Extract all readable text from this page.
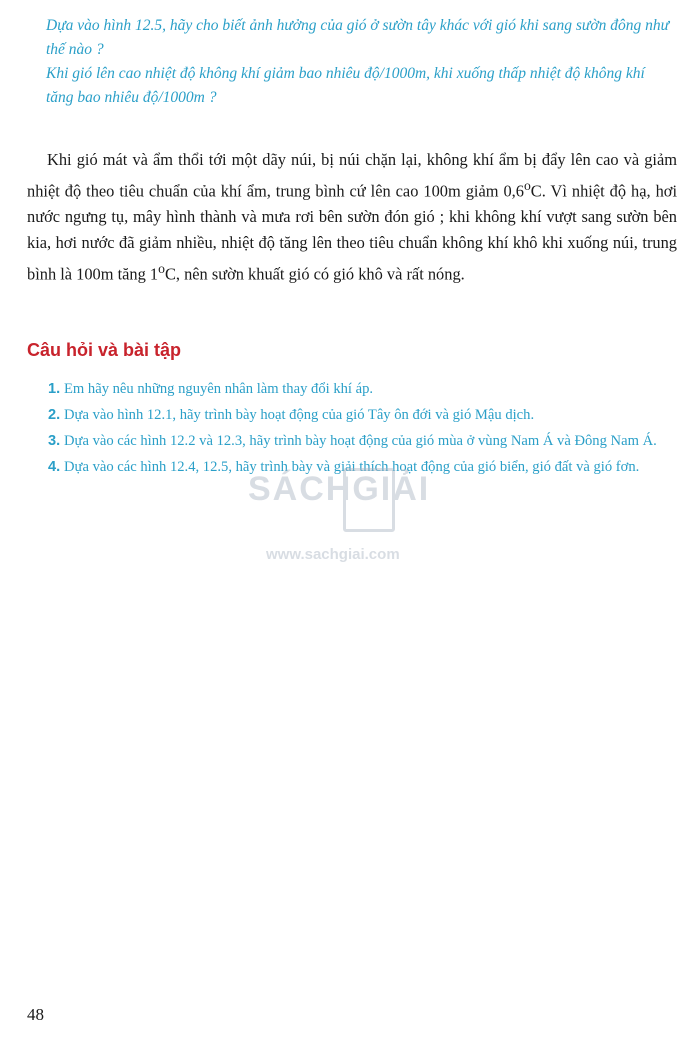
Dựa vào hình 12.5, hãy cho biết ảnh hưởng của gió ở sườn tây khác với gió khi sang sườn đông như thế nào ?

Khi gió lên cao nhiệt độ không khí giảm bao nhiêu độ/1000m, khi xuống thấp nhiệt độ không khí tăng bao nhiêu độ/1000m ?

Khi gió mát và ẩm thổi tới một dãy núi, bị núi chặn lại, không khí ẩm bị đẩy lên cao và giảm nhiệt độ theo tiêu chuẩn của khí ẩm, trung bình cứ lên cao 100m giảm 0,6$^o$C. Vì nhiệt độ hạ, hơi nước ngưng tụ, mây hình thành và mưa rơi bên sườn đón gió ; khi không khí vượt sang sườn bên kia, hơi nước đã giảm nhiều, nhiệt độ tăng lên theo tiêu chuẩn không khí khô khi xuống núi, trung bình là 100m tăng 1$^o$C, nên sườn khuất gió có gió khô và rất nóng.
Câu hỏi và bài tập
1. Em hãy nêu những nguyên nhân làm thay đổi khí áp.
2. Dựa vào hình 12.1, hãy trình bày hoạt động của gió Tây ôn đới và gió Mậu dịch.
3. Dựa vào các hình 12.2 và 12.3, hãy trình bày hoạt động của gió mùa ở vùng Nam Á và Đông Nam Á.
4. Dựa vào các hình 12.4, 12.5, hãy trình bày và giải thích hoạt động của gió biển, gió đất và gió fơn.
SÁCHGIẢI
www.sachgiai.com
48
